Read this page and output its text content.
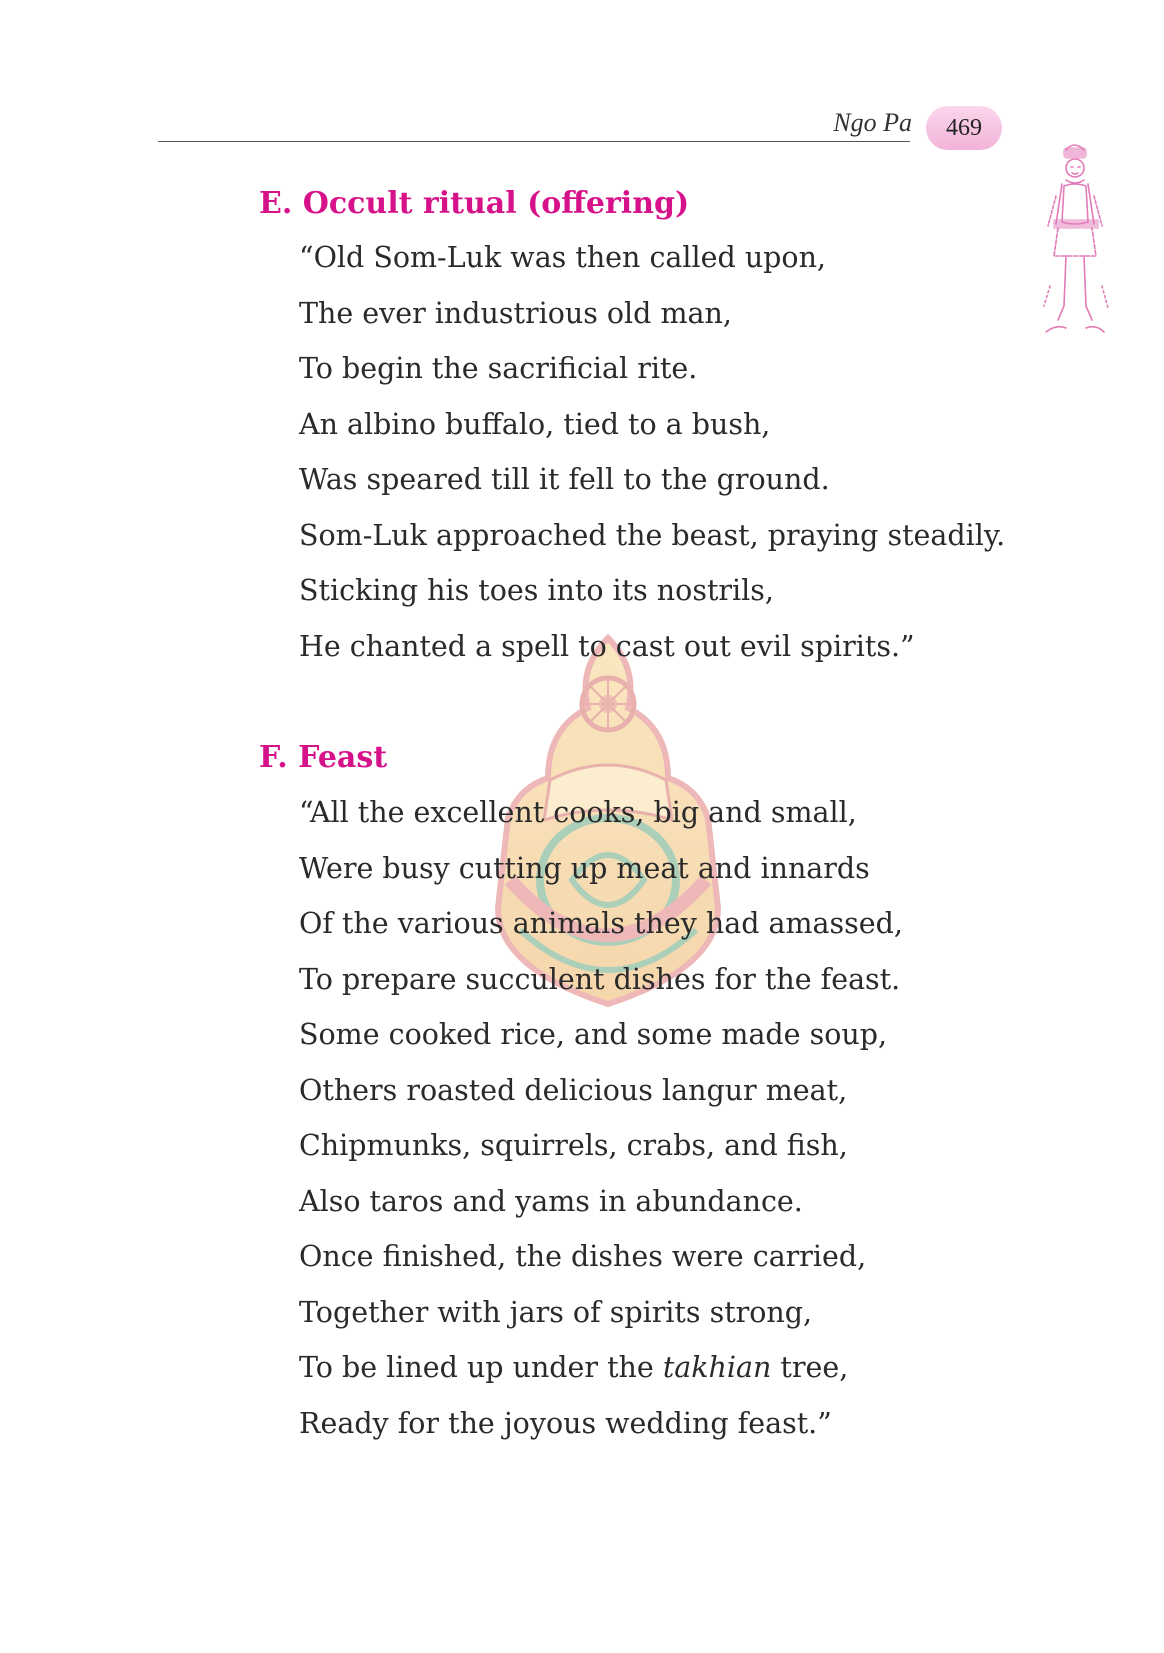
Ngo Pa	469
E. Occult ritual (offering)
“Old Som-Luk was then called upon,
The ever industrious old man,
To begin the sacrificial rite.
An albino buffalo, tied to a bush,
Was speared till it fell to the ground.
Som-Luk approached the beast, praying steadily.
Sticking his toes into its nostrils,
He chanted a spell to cast out evil spirits.”
F. Feast
“All the excellent cooks, big and small,
Were busy cutting up meat and innards
Of the various animals they had amassed,
To prepare succulent dishes for the feast.
Some cooked rice, and some made soup,
Others roasted delicious langur meat,
Chipmunks, squirrels, crabs, and fish,
Also taros and yams in abundance.
Once finished, the dishes were carried,
Together with jars of spirits strong,
To be lined up under the takhian tree,
Ready for the joyous wedding feast.”
